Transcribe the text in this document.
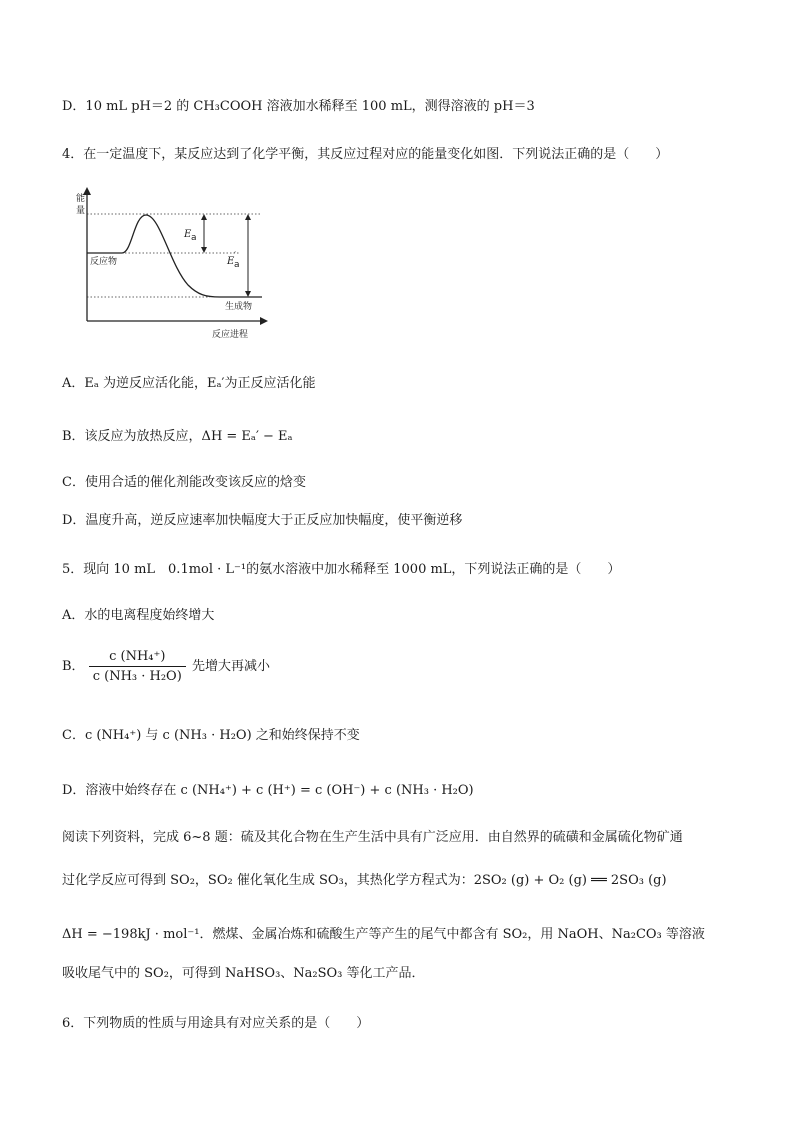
D．10 mL pH＝2 的 CH₃COOH 溶液加水稀释至 100 mL，测得溶液的 pH＝3
4．在一定温度下，某反应达到了化学平衡，其反应过程对应的能量变化如图．下列说法正确的是（　　）
能
量
反应进程
反应物
生成物
E a
E a
′
A．Eₐ 为逆反应活化能，Eₐ′为正反应活化能
B．该反应为放热反应，ΔH = Eₐ′ − Eₐ
C．使用合适的催化剂能改变该反应的焓变
D．温度升高，逆反应速率加快幅度大于正反应加快幅度，使平衡逆移
5．现向 10 mL　0.1mol · L⁻¹的氨水溶液中加水稀释至 1000 mL，下列说法正确的是（　　）
A．水的电离程度始终增大
B． $\frac{\text{c (NH₄⁺)}}{\text{c (NH₃ · H₂O)}}$ 先增大再减小
C．c (NH₄⁺) 与 c (NH₃ · H₂O) 之和始终保持不变
D．溶液中始终存在 c (NH₄⁺) + c (H⁺) = c (OH⁻) + c (NH₃ · H₂O)
阅读下列资料，完成 6~8 题：硫及其化合物在生产生活中具有广泛应用．由自然界的硫磺和金属硫化物矿通
过化学反应可得到 SO₂，SO₂ 催化氧化生成 SO₃，其热化学方程式为：2SO₂ (g) + O₂ (g) ══ 2SO₃ (g)
ΔH = −198kJ · mol⁻¹．燃煤、金属冶炼和硫酸生产等产生的尾气中都含有 SO₂，用 NaOH、Na₂CO₃ 等溶液
吸收尾气中的 SO₂，可得到 NaHSO₃、Na₂SO₃ 等化工产品．
6．下列物质的性质与用途具有对应关系的是（　　）
